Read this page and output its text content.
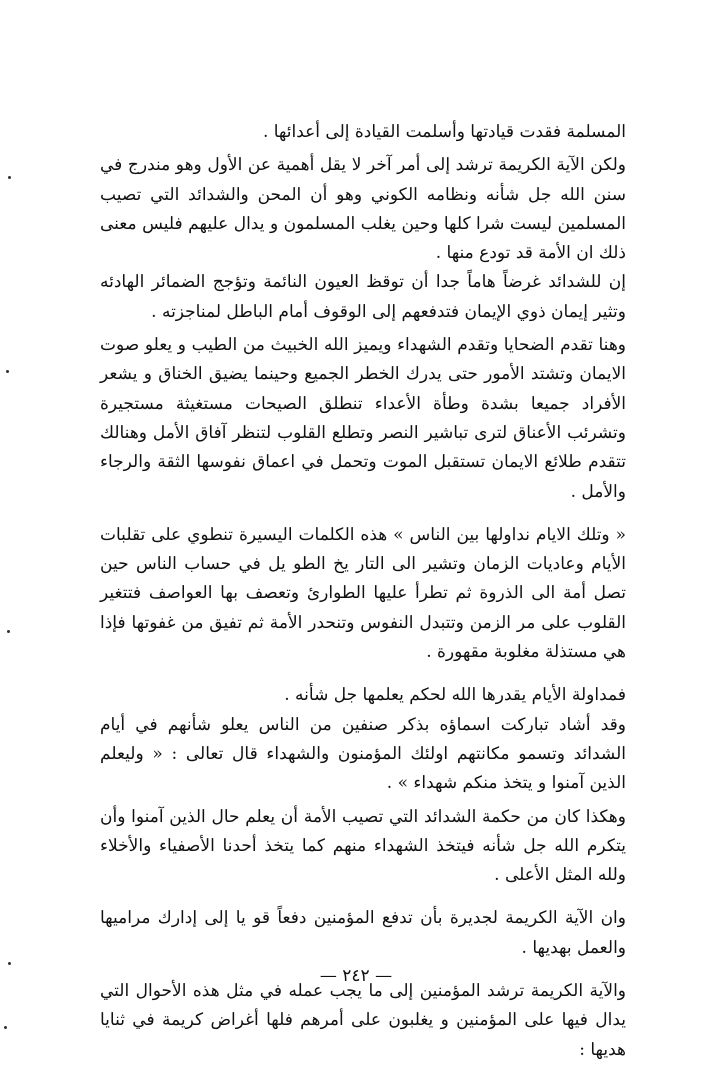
المسلمة فقدت قيادتها وأسلمت القيادة إلى أعدائها .

ولكن الآية الكريمة ترشد إلى أمر آخر لا يقل أهمية عن الأول وهو مندرج في سنن الله جل شأنه ونظامه الكوني وهو أن المحن والشدائد التي تصيب المسلمين ليست شرا كلها وحين يغلب المسلمون و يدال عليهم فليس معنى ذلك ان الأمة قد تودع منها .

إن للشدائد غرضاً هاماً جدا أن توقظ العيون النائمة وتؤجج الضمائر الهادئه وتثير إيمان ذوي الإيمان فتدفعهم إلى الوقوف أمام الباطل لمناجزته .

وهنا تقدم الضحايا وتقدم الشهداء ويميز الله الخبيث من الطيب و يعلو صوت الايمان وتشتد الأمور حتى يدرك الخطر الجميع وحينما يضيق الخناق و يشعر الأفراد جميعا بشدة وطأة الأعداء تنطلق الصيحات مستغيثة مستجيرة وتشرئب الأعناق لترى تباشير النصر وتطلع القلوب لتنظر آفاق الأمل وهنالك تتقدم طلائع الايمان تستقبل الموت وتحمل في اعماق نفوسها الثقة والرجاء والأمل .

« وتلك الايام نداولها بين الناس » هذه الكلمات اليسيرة تنطوي على تقلبات الأيام وعاديات الزمان وتشير الى التار يخ الطو يل في حساب الناس حين تصل أمة الى الذروة ثم تطرأ عليها الطوارئ وتعصف بها العواصف فتتغير القلوب على مر الزمن وتتبدل النفوس وتنحدر الأمة ثم تفيق من غفوتها فإذا هي مستذلة مغلوبة مقهورة .

فمداولة الأيام يقدرها الله لحكم يعلمها جل شأنه .

وقد أشاد تباركت اسماؤه بذكر صنفين من الناس يعلو شأنهم في أيام الشدائد وتسمو مكانتهم اولئك المؤمنون والشهداء قال تعالى : « وليعلم الذين آمنوا و يتخذ منكم شهداء » .

وهكذا كان من حكمة الشدائد التي تصيب الأمة أن يعلم حال الذين آمنوا وأن يتكرم الله جل شأنه فيتخذ الشهداء منهم كما يتخذ أحدنا الأصفياء والأخلاء ولله المثل الأعلى .

وان الآية الكريمة لجديرة بأن تدفع المؤمنين دفعاً قو يا إلى إدارك مراميها والعمل بهديها .

والآية الكريمة ترشد المؤمنين إلى ما يجب عمله في مثل هذه الأحوال التي يدال فيها على المؤمنين و يغلبون على أمرهم فلها أغراض كريمة في ثنايا هديها :

— ٢٤٢ —
